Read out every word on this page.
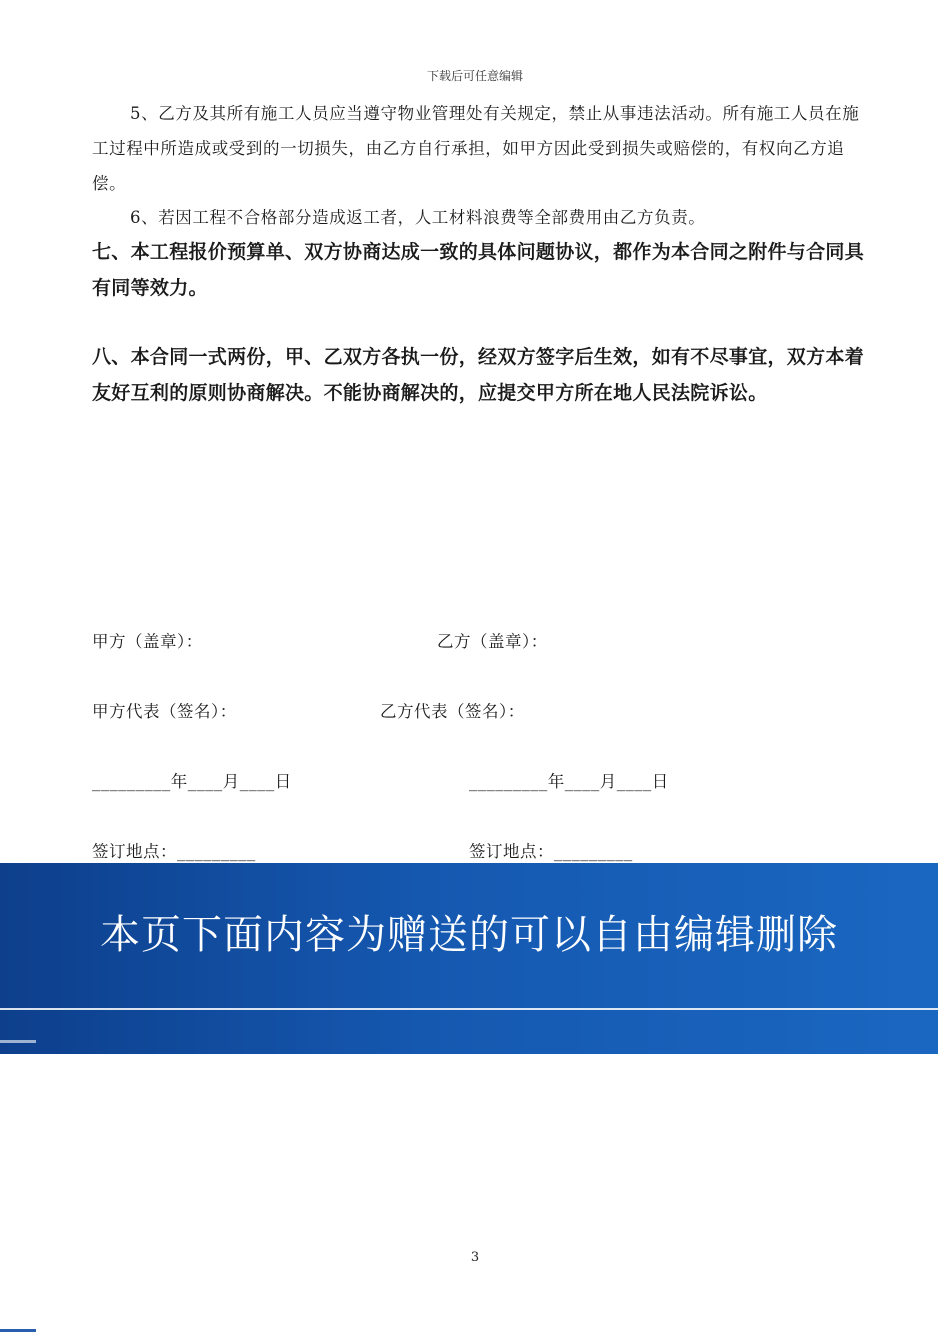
下载后可任意编辑
5、乙方及其所有施工人员应当遵守物业管理处有关规定，禁止从事违法活动。所有施工人员在施工过程中所造成或受到的一切损失，由乙方自行承担，如甲方因此受到损失或赔偿的，有权向乙方追偿。
6、若因工程不合格部分造成返工者，人工材料浪费等全部费用由乙方负责。
七、本工程报价预算单、双方协商达成一致的具体问题协议，都作为本合同之附件与合同具有同等效力。
八、本合同一式两份，甲、乙双方各执一份，经双方签字后生效，如有不尽事宜，双方本着友好互利的原则协商解决。不能协商解决的，应提交甲方所在地人民法院诉讼。
甲方（盖章）：	乙方（盖章）：
甲方代表（签名）：	乙方代表（签名）：
_________年____月____日	_________年____月____日
签订地点：_________	签订地点：_________
本页下面内容为赠送的可以自由编辑删除
3
